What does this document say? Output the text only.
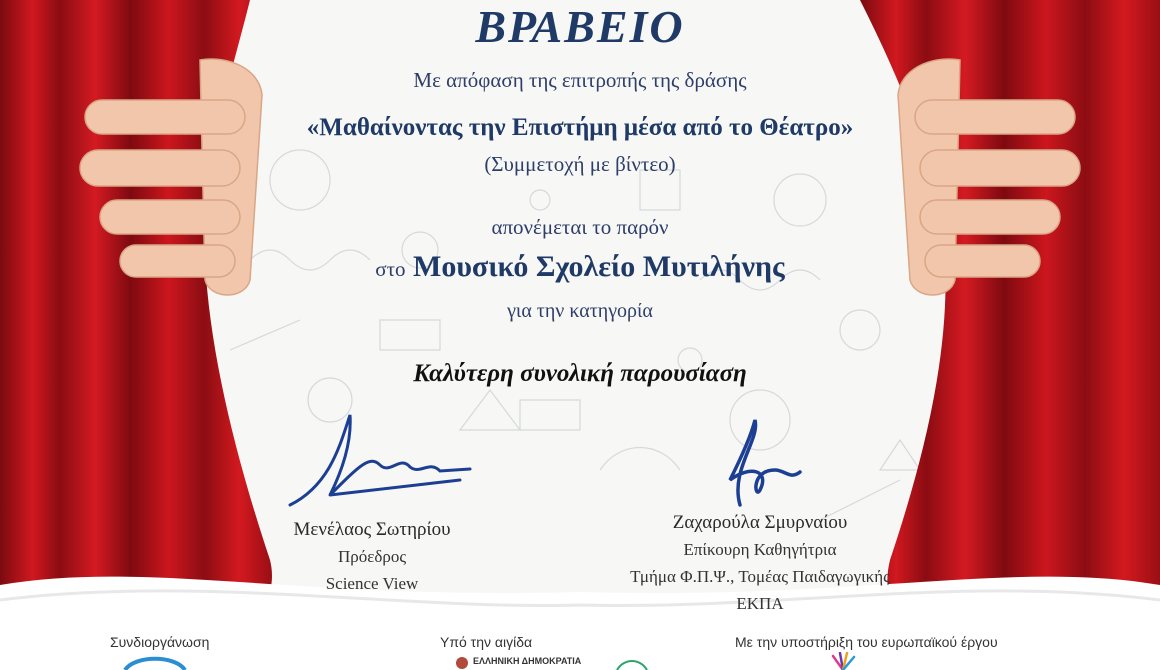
ΒΡΑΒΕΙΟ
Με απόφαση της επιτροπής της δράσης
«Μαθαίνοντας την Επιστήμη μέσα από το Θέατρο»
(Συμμετοχή με βίντεο)
απονέμεται το παρόν
στο Μουσικό Σχολείο Μυτιλήνης
για την κατηγορία
Καλύτερη συνολική παρουσίαση
Μενέλαος Σωτηρίου
Πρόεδρος
Science View
Ζαχαρούλα Σμυρναίου
Επίκουρη Καθηγήτρια
Τμήμα Φ.Π.Ψ., Τομέας Παιδαγωγικής
ΕΚΠΑ
Συνδιοργάνωση	Υπό την αιγίδα	Με την υποστήριξη του ευρωπαϊκού έργου
ΕΛΛΗΝΙΚΗ ΔΗΜΟΚΡΑΤΙΑ
